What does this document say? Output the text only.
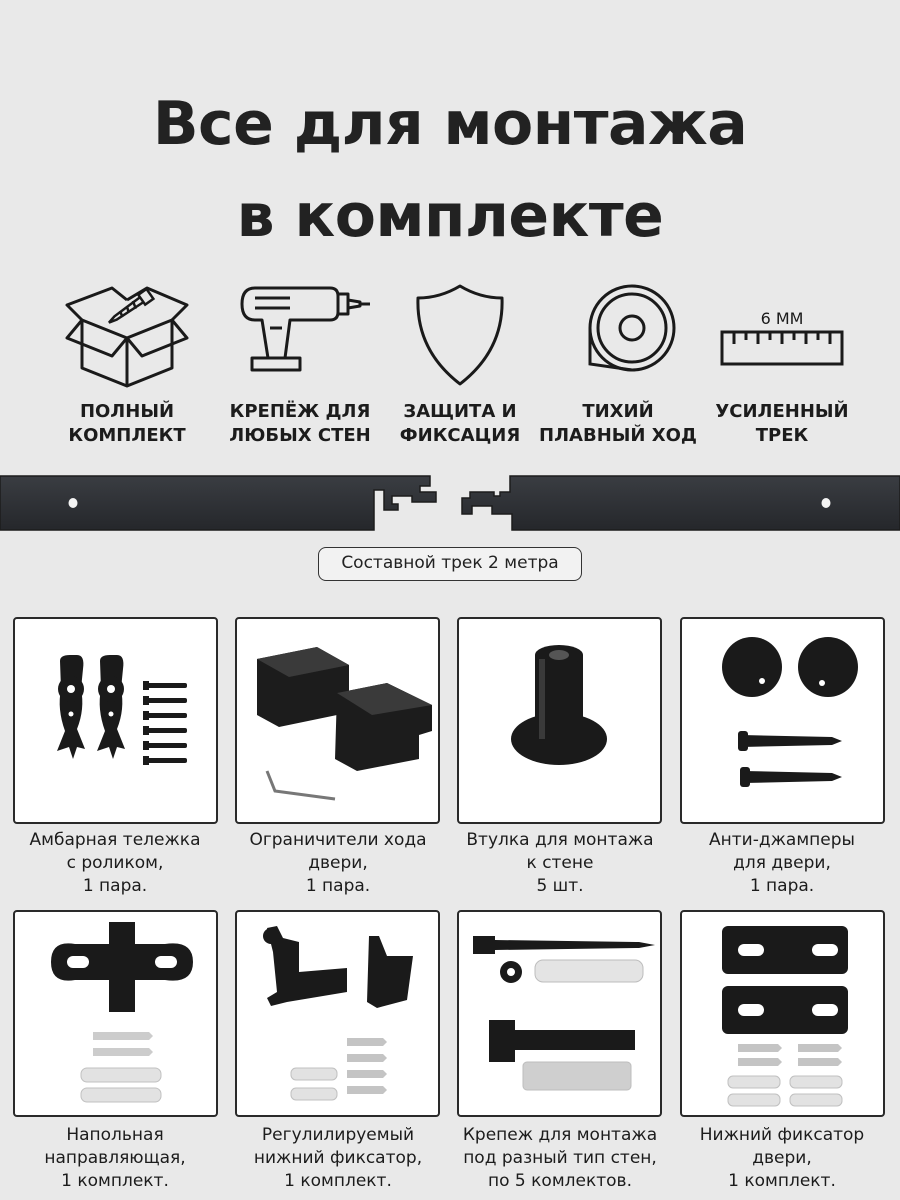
Все для монтажа
в комплекте
ПОЛНЫЙ
КОМПЛЕКТ
КРЕПЁЖ ДЛЯ
ЛЮБЫХ СТЕН
ЗАЩИТА И
ФИКСАЦИЯ
ТИХИЙ
ПЛАВНЫЙ ХОД
6 ММ
УСИЛЕННЫЙ
ТРЕК
Составной трек 2 метра
Амбарная тележка
с роликом,
1 пара.
Ограничители хода
двери,
1 пара.
Втулка для монтажа
к стене
5 шт.
Анти-джамперы
для двери,
1 пара.
Напольная
направляющая,
1 комплект.
Регулилируемый
нижний фиксатор,
1 комплект.
Крепеж для монтажа
под разный тип стен,
по 5 комлектов.
Нижний фиксатор
двери,
1 комплект.
